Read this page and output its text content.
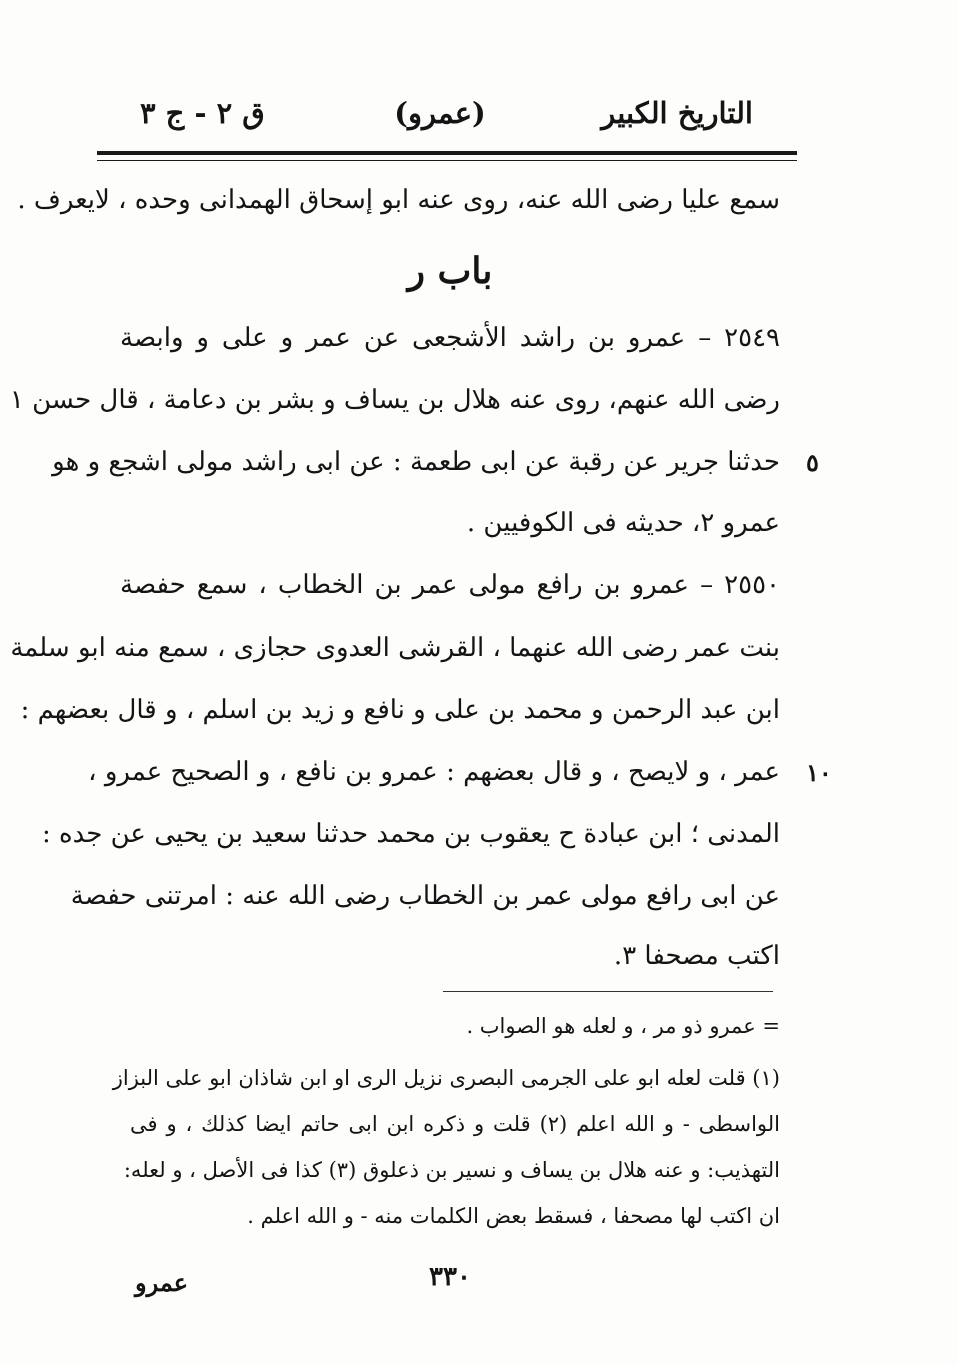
التاريخ الكبير
(عمرو)
ق ٢ - ج ٣
سمع عليا رضى الله عنه، روى عنه ابو إسحاق الهمدانى وحده ، لايعرف .
باب ر
٢٥٤٩ – عمرو بن راشد الأشجعى عن عمر و على و وابصة
رضى الله عنهم، روى عنه هلال بن يساف و بشر بن دعامة ، قال حسن ١
حدثنا جرير عن رقبة عن ابى طعمة : عن ابى راشد مولى اشجع و هو ٥
عمرو ٢، حديثه فى الكوفيين .
٢٥٥٠ – عمرو بن رافع مولى عمر بن الخطاب ، سمع حفصة
بنت عمر رضى الله عنهما ، القرشى العدوى حجازى ، سمع منه ابو سلمة
ابن عبد الرحمن و محمد بن على و نافع و زيد بن اسلم ، و قال بعضهم :
عمر ، و لايصح ، و قال بعضهم : عمرو بن نافع ، و الصحيح عمرو ، ١٠
المدنى ؛ ابن عبادة ح يعقوب بن محمد حدثنا سعيد بن يحيى عن جده :
عن ابى رافع مولى عمر بن الخطاب رضى الله عنه : امرتنى حفصة
اكتب مصحفا ٣.
= عمرو ذو مر ، و لعله هو الصواب .
(١) قلت لعله ابو على الجرمى البصرى نزيل الرى او ابن شاذان ابو على البزاز
الواسطى - و الله اعلم (٢) قلت و ذكره ابن ابى حاتم ايضا كذلك ، و فى
التهذيب: و عنه هلال بن يساف و نسير بن ذعلوق (٣) كذا فى الأصل ، و لعله:
ان اكتب لها مصحفا ، فسقط بعض الكلمات منه - و الله اعلم .
٣٣٠
عمرو
